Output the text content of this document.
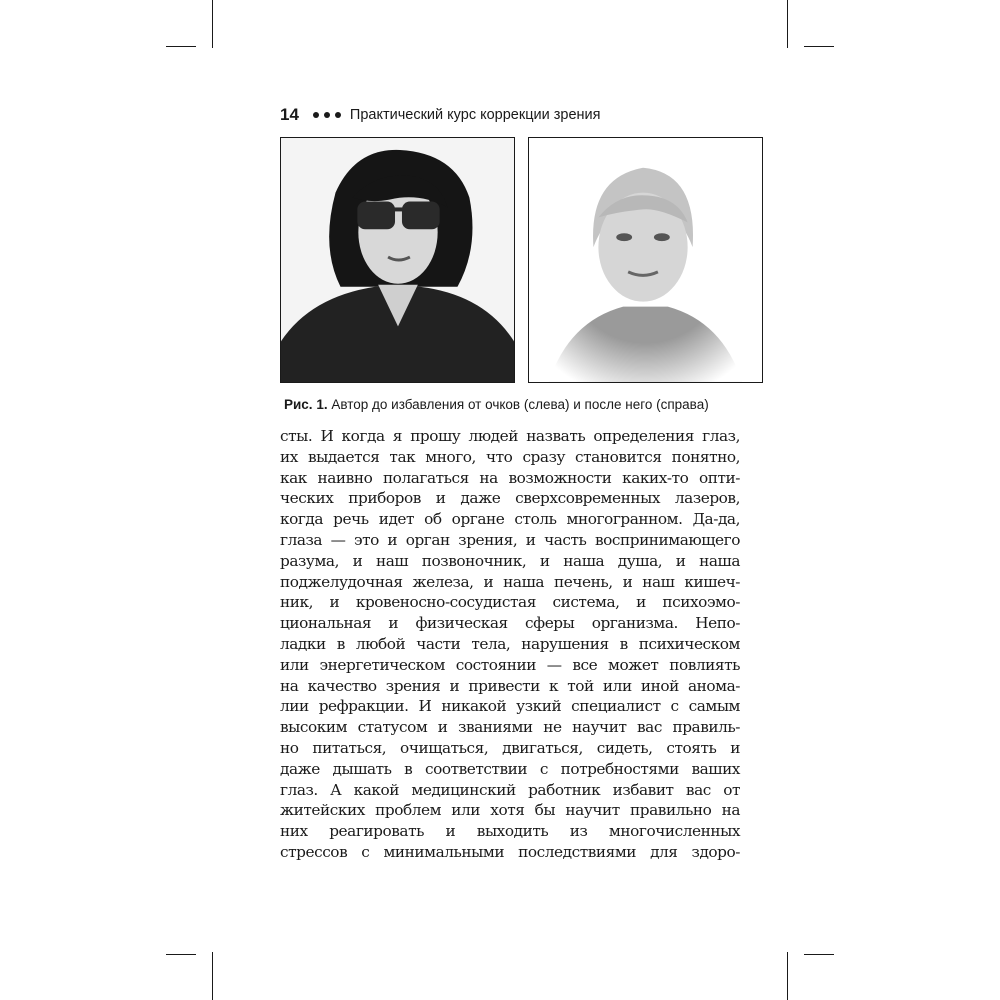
14	Практический курс коррекции зрения
Рис. 1. Автор до избавления от очков (слева) и после него (справа)
сты. И когда я прошу людей назвать определения глаз,
их выдается так много, что сразу становится понятно,
как наивно полагаться на возможности каких-то опти-
ческих приборов и даже сверхсовременных лазеров,
когда речь идет об органе столь многогранном. Да-да,
глаза — это и орган зрения, и часть воспринимающего
разума, и наш позвоночник, и наша душа, и наша
поджелудочная железа, и наша печень, и наш кишеч-
ник, и кровеносно-сосудистая система, и психоэмо-
циональная и физическая сферы организма. Непо-
ладки в любой части тела, нарушения в психическом
или энергетическом состоянии — все может повлиять
на качество зрения и привести к той или иной анома-
лии рефракции. И никакой узкий специалист с самым
высоким статусом и званиями не научит вас правиль-
но питаться, очищаться, двигаться, сидеть, стоять и
даже дышать в соответствии с потребностями ваших
глаз. А какой медицинский работник избавит вас от
житейских проблем или хотя бы научит правильно на
них реагировать и выходить из многочисленных
стрессов с минимальными последствиями для здоро-
